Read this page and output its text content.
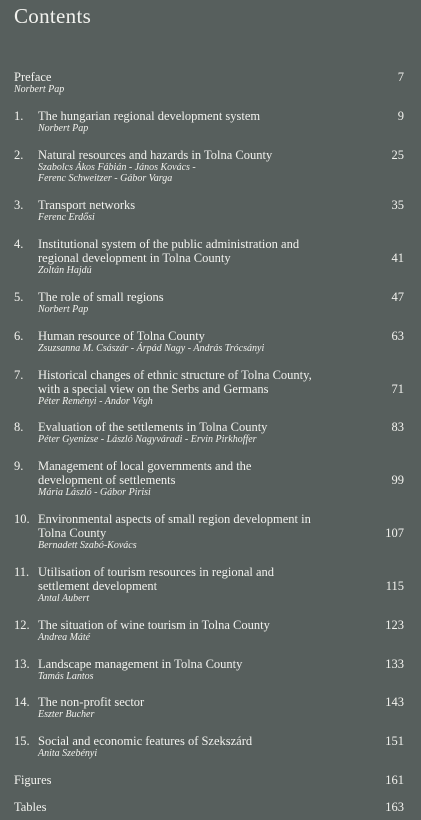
Contents
Preface
Norbert Pap
7
1. The hungarian regional development system
Norbert Pap
9
2. Natural resources and hazards in Tolna County
Szabolcs Ákos Fábián - János Kovács -
Ferenc Schweitzer - Gábor Varga
25
3. Transport networks
Ferenc Erdősi
35
4. Institutional system of the public administration and
regional development in Tolna County
Zoltán Hajdú
41
5. The role of small regions
Norbert Pap
47
6. Human resource of Tolna County
Zsuzsanna M. Császár - Árpád Nagy - András Trócsányi
63
7. Historical changes of ethnic structure of Tolna County,
with a special view on the Serbs and Germans
Péter Reményi - Andor Végh
71
8. Evaluation of the settlements in Tolna County
Péter Gyenizse - László Nagyváradi - Ervin Pirkhoffer
83
9. Management of local governments and the
development of settlements
Mária László - Gábor Pirisi
99
10. Environmental aspects of small region development in
Tolna County
Bernadett Szabó-Kovács
107
11. Utilisation of tourism resources in regional and
settlement development
Antal Aubert
115
12. The situation of wine tourism in Tolna County
Andrea Máté
123
13. Landscape management in Tolna County
Tamás Lantos
133
14. The non-profit sector
Eszter Bucher
143
15. Social and economic features of Szekszárd
Anita Szebényi
151
Figures	161
Tables	163
